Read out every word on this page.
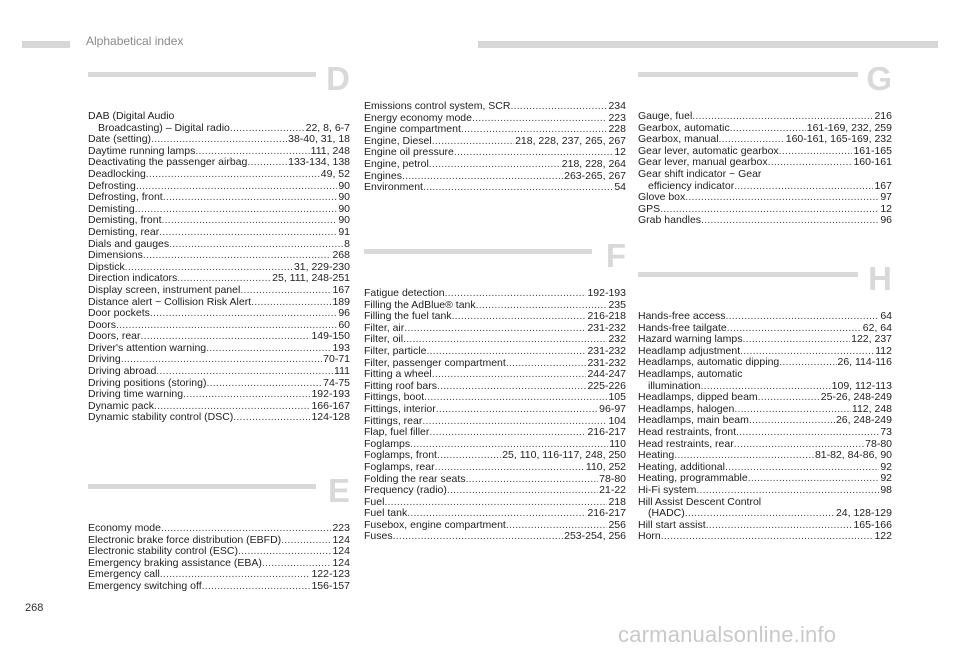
Alphabetical index
D
DAB (Digital Audio
Broadcasting) – Digital radio .....	22, 8, 6-7
Date (setting) .....	38-40, 31, 18
Daytime running lamps .....	111, 248
Deactivating the passenger airbag .....	133-134, 138
Deadlocking .....	49, 52
Defrosting .....	90
Defrosting, front .....	90
Demisting .....	90
Demisting, front .....	90
Demisting, rear .....	91
Dials and gauges .....	8
Dimensions .....	268
Dipstick .....	31, 229-230
Direction indicators .....	25, 111, 248-251
Display screen, instrument panel .....	167
Distance alert ~ Collision Risk Alert .....	189
Door pockets .....	96
Doors .....	60
Doors, rear .....	149-150
Driver's attention warning .....	193
Driving .....	70-71
Driving abroad .....	111
Driving positions (storing) .....	74-75
Driving time warning .....	192-193
Dynamic pack .....	166-167
Dynamic stability control (DSC) .....	124-128
E
Economy mode .....	223
Electronic brake force distribution (EBFD) .....	124
Electronic stability control (ESC) .....	124
Emergency braking assistance (EBA) .....	124
Emergency call .....	122-123
Emergency switching off .....	156-157
Emissions control system, SCR .....	234
Energy economy mode .....	223
Engine compartment .....	228
Engine, Diesel .....	218, 228, 237, 265, 267
Engine oil pressure .....	12
Engine, petrol .....	218, 228, 264
Engines .....	263-265, 267
Environment .....	54
F
Fatigue detection .....	192-193
Filling the AdBlue® tank .....	235
Filling the fuel tank .....	216-218
Filter, air .....	231-232
Filter, oil .....	232
Filter, particle .....	231-232
Filter, passenger compartment .....	231-232
Fitting a wheel .....	244-247
Fitting roof bars .....	225-226
Fittings, boot .....	105
Fittings, interior .....	96-97
Fittings, rear .....	104
Flap, fuel filler .....	216-217
Foglamps .....	110
Foglamps, front .....	25, 110, 116-117, 248, 250
Foglamps, rear .....	110, 252
Folding the rear seats .....	78-80
Frequency (radio) .....	21-22
Fuel .....	218
Fuel tank .....	216-217
Fusebox, engine compartment .....	256
Fuses .....	253-254, 256
G
Gauge, fuel .....	216
Gearbox, automatic .....	161-169, 232, 259
Gearbox, manual .....	160-161, 165-169, 232
Gear lever, automatic gearbox .....	161-165
Gear lever, manual gearbox .....	160-161
Gear shift indicator ~ Gear
efficiency indicator .....	167
Glove box .....	97
GPS .....	12
Grab handles .....	96
H
Hands-free access .....	64
Hands-free tailgate .....	62, 64
Hazard warning lamps .....	122, 237
Headlamp adjustment .....	112
Headlamps, automatic dipping .....	26, 114-116
Headlamps, automatic
illumination .....	109, 112-113
Headlamps, dipped beam .....	25-26, 248-249
Headlamps, halogen .....	112, 248
Headlamps, main beam .....	26, 248-249
Head restraints, front .....	73
Head restraints, rear .....	78-80
Heating .....	81-82, 84-86, 90
Heating, additional .....	92
Heating, programmable .....	92
Hi-Fi system .....	98
Hill Assist Descent Control
(HADC) .....	24, 128-129
Hill start assist .....	165-166
Horn .....	122
268
carmanualsonline.info
